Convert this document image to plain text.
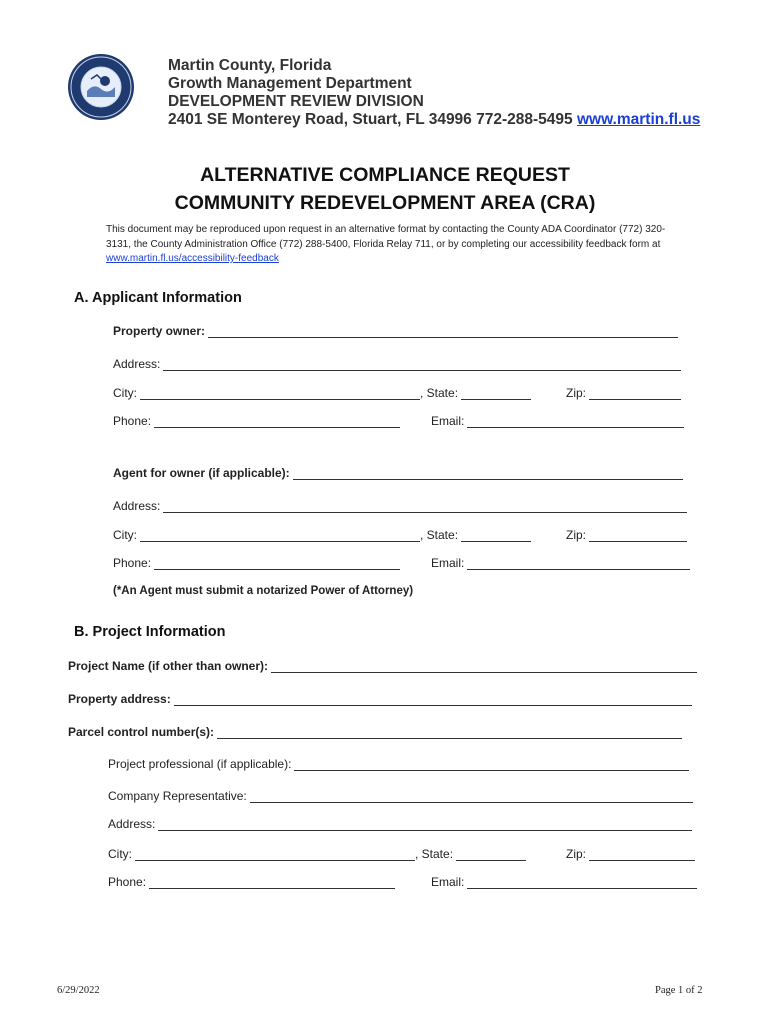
Martin County, Florida
Growth Management Department
DEVELOPMENT REVIEW DIVISION
2401 SE Monterey Road, Stuart, FL 34996 772-288-5495 www.martin.fl.us
ALTERNATIVE COMPLIANCE REQUEST
COMMUNITY REDEVELOPMENT AREA (CRA)
This document may be reproduced upon request in an alternative format by contacting the County ADA Coordinator (772) 320-3131, the County Administration Office (772) 288-5400, Florida Relay 711, or by completing our accessibility feedback form at
www.martin.fl.us/accessibility-feedback
A. Applicant Information
Property owner:
Address:
City:	, State:	Zip:
Phone:	Email:
Agent for owner (if applicable):
Address:
City:	, State:	Zip:
Phone:	Email:
(*An Agent must submit a notarized Power of Attorney)
B. Project Information
Project Name (if other than owner):
Property address:
Parcel control number(s):
Project professional (if applicable):
Company Representative:
Address:
City:	, State:	Zip:
Phone:	Email:
6/29/2022	Page 1 of 2
